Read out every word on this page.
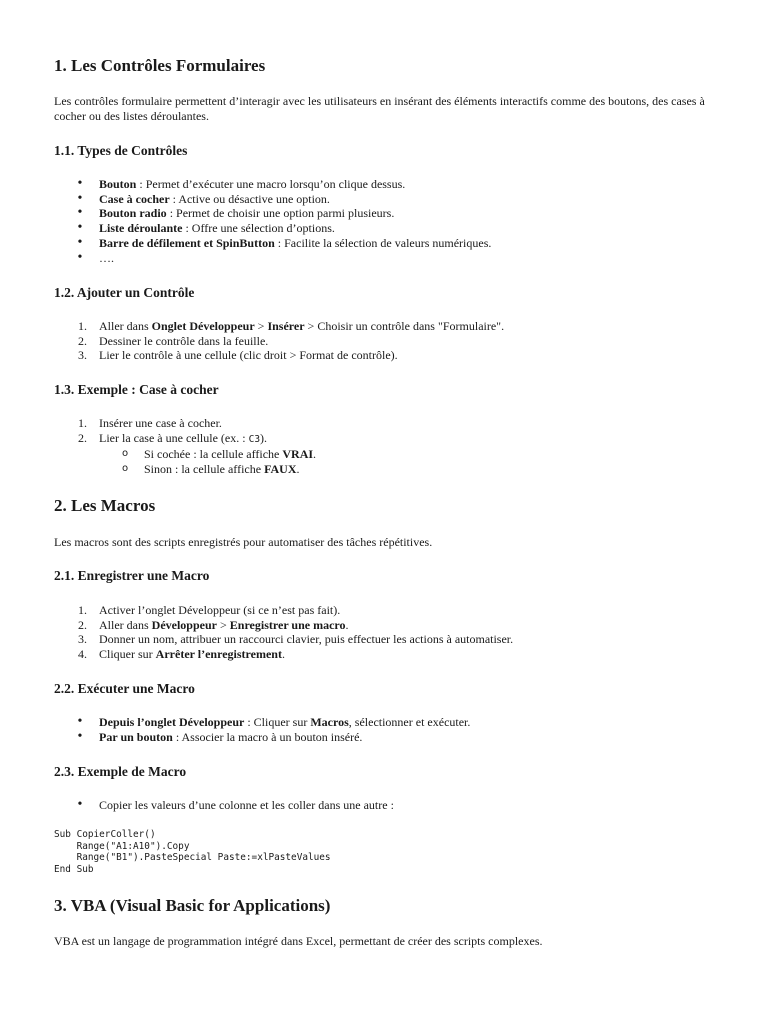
1. Les Contrôles Formulaires

Les contrôles formulaire permettent d’interagir avec les utilisateurs en insérant des éléments interactifs comme des boutons, des cases à cocher ou des listes déroulantes.

1.1. Types de Contrôles
• Bouton : Permet d’exécuter une macro lorsqu’on clique dessus.
• Case à cocher : Active ou désactive une option.
• Bouton radio : Permet de choisir une option parmi plusieurs.
• Liste déroulante : Offre une sélection d’options.
• Barre de défilement et SpinButton : Facilite la sélection de valeurs numériques.
• ….
1.2. Ajouter un Contrôle
1. Aller dans Onglet Développeur > Insérer > Choisir un contrôle dans "Formulaire".
2. Dessiner le contrôle dans la feuille.
3. Lier le contrôle à une cellule (clic droit > Format de contrôle).
1.3. Exemple : Case à cocher
1. Insérer une case à cocher.
2. Lier la case à une cellule (ex. : C3).
o Si cochée : la cellule affiche VRAI.
o Sinon : la cellule affiche FAUX.
2. Les Macros

Les macros sont des scripts enregistrés pour automatiser des tâches répétitives.

2.1. Enregistrer une Macro
1. Activer l’onglet Développeur (si ce n’est pas fait).
2. Aller dans Développeur > Enregistrer une macro.
3. Donner un nom, attribuer un raccourci clavier, puis effectuer les actions à automatiser.
4. Cliquer sur Arrêter l’enregistrement.
2.2. Exécuter une Macro
• Depuis l’onglet Développeur : Cliquer sur Macros, sélectionner et exécuter.
• Par un bouton : Associer la macro à un bouton inséré.
2.3. Exemple de Macro
• Copier les valeurs d’une colonne et les coller dans une autre :
Sub CopierColler()
Range("A1:A10").Copy
Range("B1").PasteSpecial Paste:=xlPasteValues
End Sub
3. VBA (Visual Basic for Applications)

VBA est un langage de programmation intégré dans Excel, permettant de créer des scripts complexes.
